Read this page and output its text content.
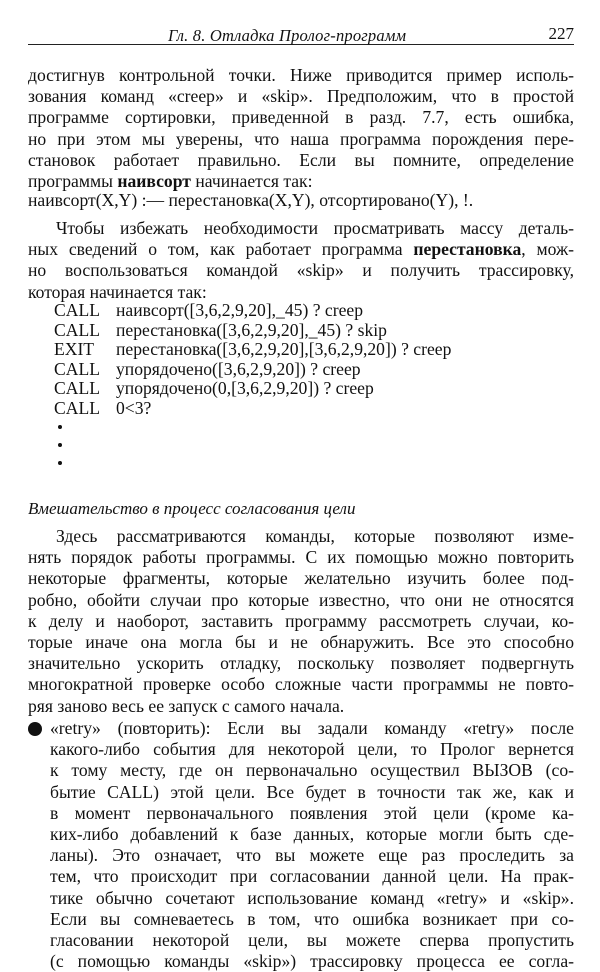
Гл. 8. Отладка Пролог-программ	227
достигнув контрольной точки. Ниже приводится пример исполь-
зования команд «creep» и «skip». Предположим, что в простой
программе сортировки, приведенной в разд. 7.7, есть ошибка,
но при этом мы уверены, что наша программа порождения пере-
становок работает правильно. Если вы помните, определение
программы наивсорт начинается так:
наивсорт(X,Y) :— перестановка(X,Y), отсортировано(Y), !.
Чтобы избежать необходимости просматривать массу деталь-
ных сведений о том, как работает программа перестановка, мож-
но воспользоваться командой «skip» и получить трассировку,
которая начинается так:
CALL наивсорт([3,6,2,9,20],_45) ? creep
CALL перестановка([3,6,2,9,20],_45) ? skip
EXIT перестановка([3,6,2,9,20],[3,6,2,9,20]) ? creep
CALL упорядочено([3,6,2,9,20]) ? creep
CALL упорядочено(0,[3,6,2,9,20]) ? creep
CALL 0<3?
Вмешательство в процесс согласования цели
Здесь рассматриваются команды, которые позволяют изме-
нять порядок работы программы. С их помощью можно повторить
некоторые фрагменты, которые желательно изучить более под-
робно, обойти случаи про которые известно, что они не относятся
к делу и наоборот, заставить программу рассмотреть случаи, ко-
торые иначе она могла бы и не обнаружить. Все это способно
значительно ускорить отладку, поскольку позволяет подвергнуть
многократной проверке особо сложные части программы не повто-
ряя заново весь ее запуск с самого начала.
«retry» (повторить): Если вы задали команду «retry» после
какого-либо события для некоторой цели, то Пролог вернется
к тому месту, где он первоначально осуществил ВЫЗОВ (со-
бытие CALL) этой цели. Все будет в точности так же, как и
в момент первоначального появления этой цели (кроме ка-
ких-либо добавлений к базе данных, которые могли быть сде-
ланы). Это означает, что вы можете еще раз проследить за
тем, что происходит при согласовании данной цели. На прак-
тике обычно сочетают использование команд «retry» и «skip».
Если вы сомневаетесь в том, что ошибка возникает при со-
гласовании некоторой цели, вы можете сперва пропустить
(с помощью команды «skip») трассировку процесса ее согла-
